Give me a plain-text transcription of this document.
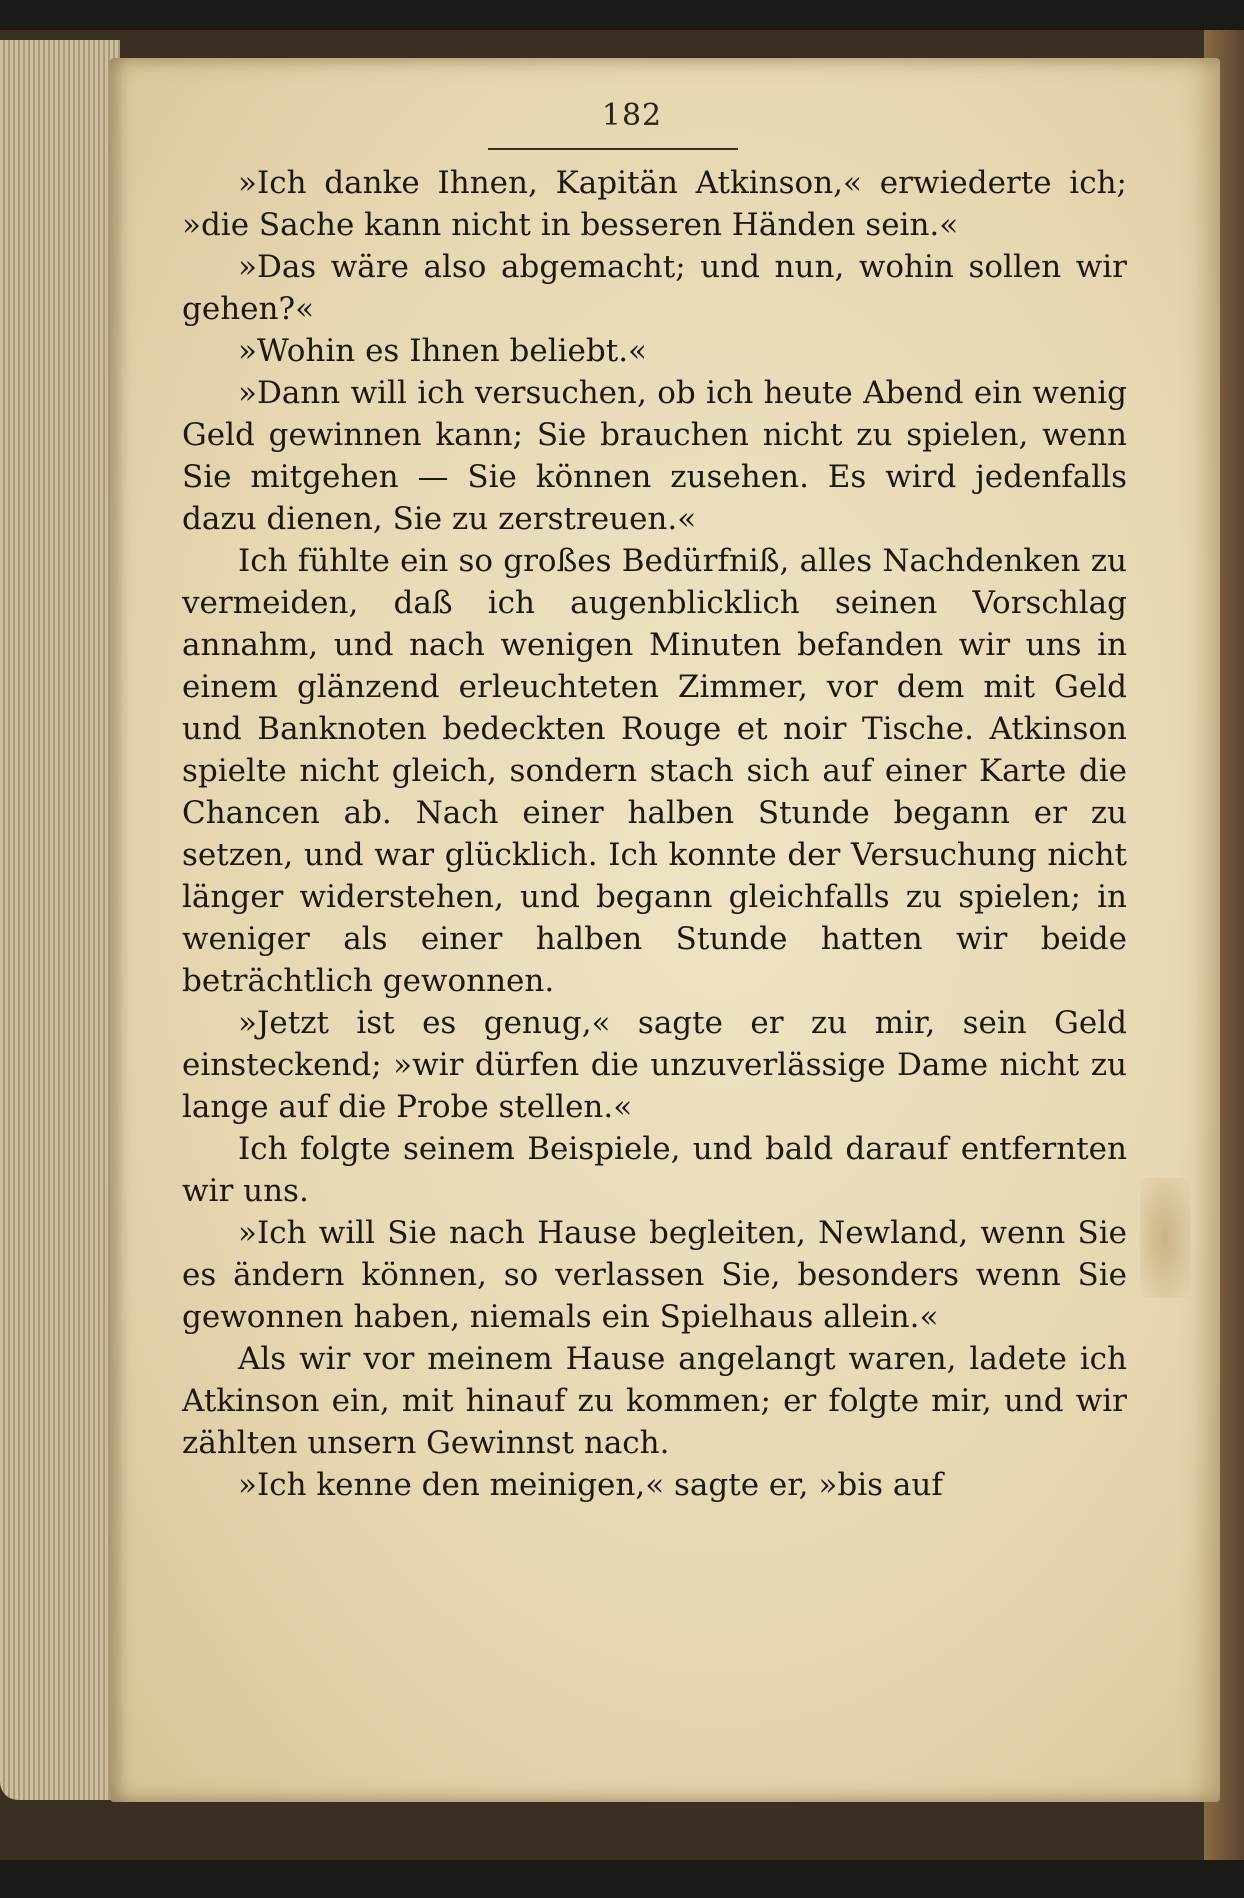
182

»Ich danke Ihnen, Kapitän Atkinson,« erwiederte ich; »die Sache kann nicht in besseren Händen sein.«

»Das wäre also abgemacht; und nun, wohin sollen wir gehen?«

»Wohin es Ihnen beliebt.«

»Dann will ich versuchen, ob ich heute Abend ein wenig Geld gewinnen kann; Sie brauchen nicht zu spielen, wenn Sie mitgehen — Sie können zusehen. Es wird jedenfalls dazu dienen, Sie zu zerstreuen.«

Ich fühlte ein so großes Bedürfniß, alles Nachdenken zu vermeiden, daß ich augenblicklich seinen Vorschlag annahm, und nach wenigen Minuten befanden wir uns in einem glänzend erleuchteten Zimmer, vor dem mit Geld und Banknoten bedeckten Rouge et noir Tische. Atkinson spielte nicht gleich, sondern stach sich auf einer Karte die Chancen ab. Nach einer halben Stunde begann er zu setzen, und war glücklich. Ich konnte der Versuchung nicht länger widerstehen, und begann gleichfalls zu spielen; in weniger als einer halben Stunde hatten wir beide beträchtlich gewonnen.

»Jetzt ist es genug,« sagte er zu mir, sein Geld einsteckend; »wir dürfen die unzuverlässige Dame nicht zu lange auf die Probe stellen.«

Ich folgte seinem Beispiele, und bald darauf entfernten wir uns.

»Ich will Sie nach Hause begleiten, Newland, wenn Sie es ändern können, so verlassen Sie, besonders wenn Sie gewonnen haben, niemals ein Spielhaus allein.«

Als wir vor meinem Hause angelangt waren, ladete ich Atkinson ein, mit hinauf zu kommen; er folgte mir, und wir zählten unsern Gewinnst nach.

»Ich kenne den meinigen,« sagte er, »bis auf
